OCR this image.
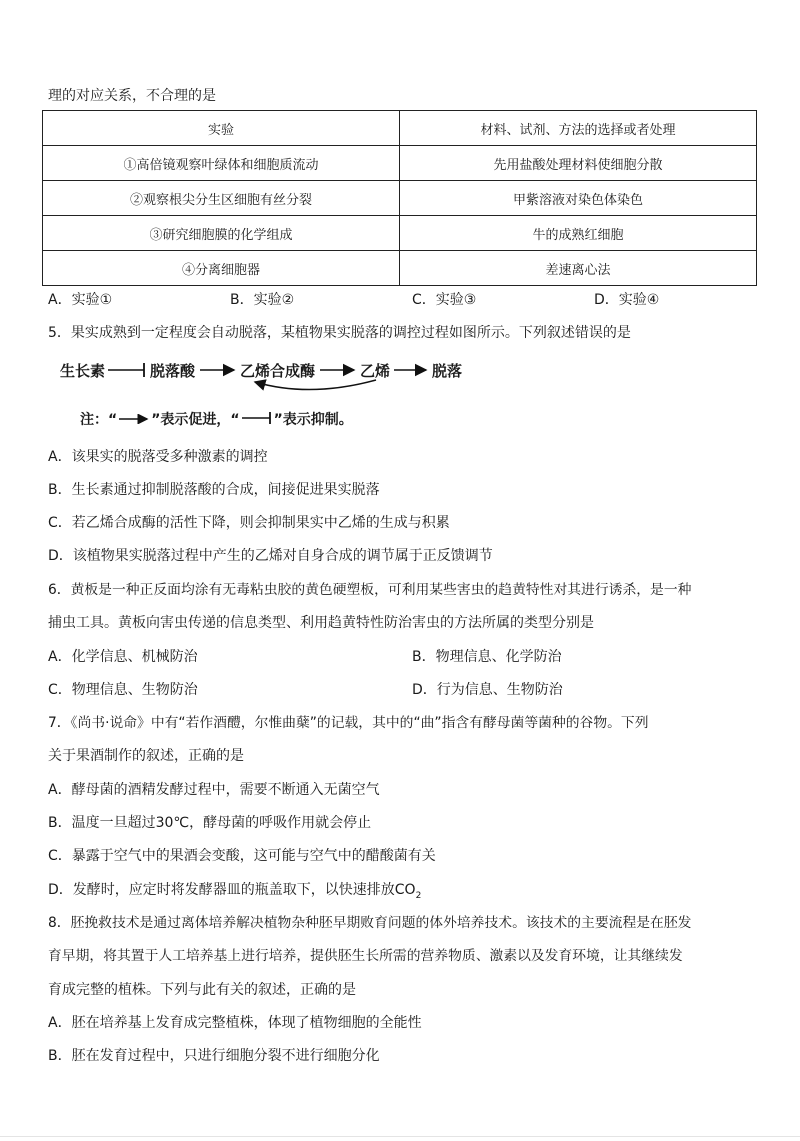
理的对应关系，不合理的是
实验	材料、试剂、方法的选择或者处理
①高倍镜观察叶绿体和细胞质流动	先用盐酸处理材料使细胞分散
②观察根尖分生区细胞有丝分裂	甲紫溶液对染色体染色
③研究细胞膜的化学组成	牛的成熟红细胞
④分离细胞器	差速离心法
A．实验①	B．实验②	C．实验③	D．实验④
5．果实成熟到一定程度会自动脱落，某植物果实脱落的调控过程如图所示。下列叙述错误的是
生长素	脱落酸	乙烯合成酶	乙烯	脱落
注：“ ”表示促进，“ ”表示抑制。
A．该果实的脱落受多种激素的调控
B．生长素通过抑制脱落酸的合成，间接促进果实脱落
C．若乙烯合成酶的活性下降，则会抑制果实中乙烯的生成与积累
D．该植物果实脱落过程中产生的乙烯对自身合成的调节属于正反馈调节
6．黄板是一种正反面均涂有无毒粘虫胶的黄色硬塑板，可利用某些害虫的趋黄特性对其进行诱杀，是一种
捕虫工具。黄板向害虫传递的信息类型、利用趋黄特性防治害虫的方法所属的类型分别是
A．化学信息、机械防治	B．物理信息、化学防治
C．物理信息、生物防治	D．行为信息、生物防治
7．《尚书·说命》中有“若作酒醴，尔惟曲蘖”的记载，其中的“曲”指含有酵母菌等菌种的谷物。下列
关于果酒制作的叙述，正确的是
A．酵母菌的酒精发酵过程中，需要不断通入无菌空气
B．温度一旦超过30℃，酵母菌的呼吸作用就会停止
C．暴露于空气中的果酒会变酸，这可能与空气中的醋酸菌有关
D．发酵时，应定时将发酵器皿的瓶盖取下，以快速排放$CO_2$
8．胚挽救技术是通过离体培养解决植物杂种胚早期败育问题的体外培养技术。该技术的主要流程是在胚发
育早期，将其置于人工培养基上进行培养，提供胚生长所需的营养物质、激素以及发育环境，让其继续发
育成完整的植株。下列与此有关的叙述，正确的是
A．胚在培养基上发育成完整植株，体现了植物细胞的全能性
B．胚在发育过程中，只进行细胞分裂不进行细胞分化
